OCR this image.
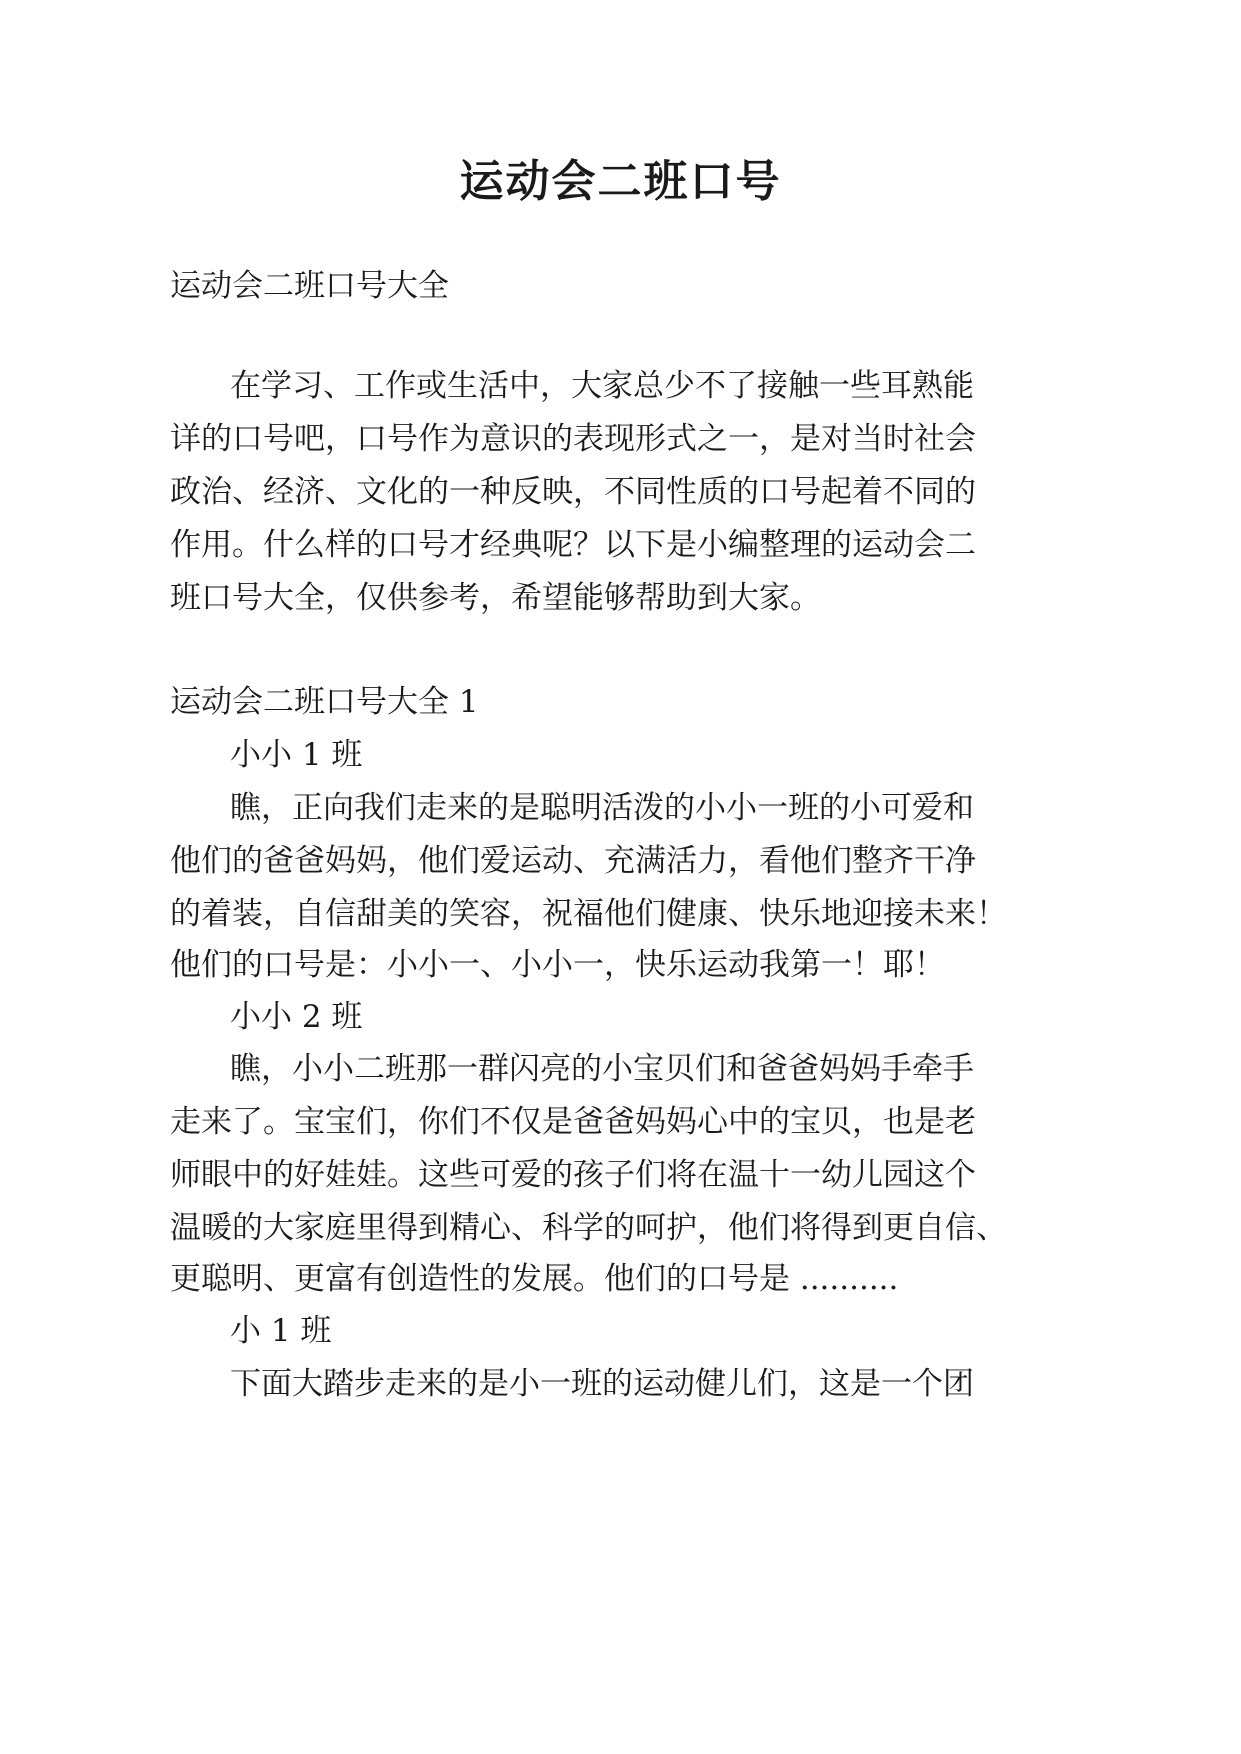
运动会二班口号

运动会二班口号大全

在学习、工作或生活中，大家总少不了接触一些耳熟能

详的口号吧，口号作为意识的表现形式之一，是对当时社会

政治、经济、文化的一种反映，不同性质的口号起着不同的

作用。什么样的口号才经典呢？以下是小编整理的运动会二

班口号大全，仅供参考，希望能够帮助到大家。

运动会二班口号大全 1

小小 1 班

瞧，正向我们走来的是聪明活泼的小小一班的小可爱和

他们的爸爸妈妈，他们爱运动、充满活力，看他们整齐干净

的着装，自信甜美的笑容，祝福他们健康、快乐地迎接未来！

他们的口号是：小小一、小小一，快乐运动我第一！耶！

小小 2 班

瞧，小小二班那一群闪亮的小宝贝们和爸爸妈妈手牵手

走来了。宝宝们，你们不仅是爸爸妈妈心中的宝贝，也是老

师眼中的好娃娃。这些可爱的孩子们将在温十一幼儿园这个

温暖的大家庭里得到精心、科学的呵护，他们将得到更自信、

更聪明、更富有创造性的发展。他们的口号是 ..........

小 1 班

下面大踏步走来的是小一班的运动健儿们，这是一个团
